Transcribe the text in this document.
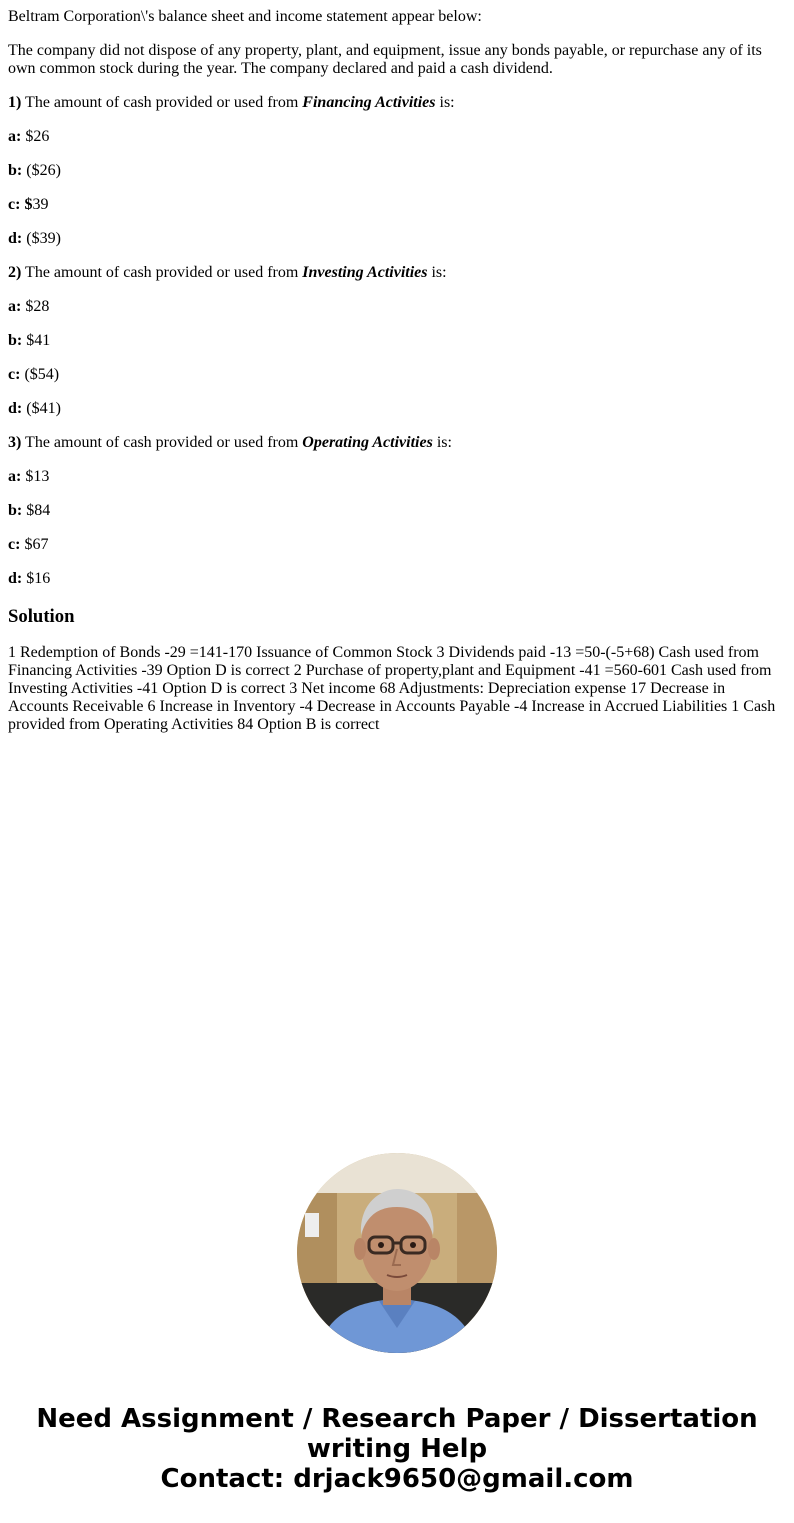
Beltram Corporation\'s balance sheet and income statement appear below:

The company did not dispose of any property, plant, and equipment, issue any bonds payable, or repurchase any of its own common stock during the year. The company declared and paid a cash dividend.

1) The amount of cash provided or used from Financing Activities is:

a: $26

b: ($26)

c: $39

d: ($39)

2) The amount of cash provided or used from Investing Activities is:

a: $28

b: $41

c: ($54)

d: ($41)

3) The amount of cash provided or used from Operating Activities is:

a: $13

b: $84

c: $67

d: $16

Solution

1 Redemption of Bonds -29 =141-170 Issuance of Common Stock 3 Dividends paid -13 =50-(-5+68) Cash used from Financing Activities -39 Option D is correct 2 Purchase of property,plant and Equipment -41 =560-601 Cash used from Investing Activities -41 Option D is correct 3 Net income 68 Adjustments: Depreciation expense 17 Decrease in Accounts Receivable 6 Increase in Inventory -4 Decrease in Accounts Payable -4 Increase in Accrued Liabilities 1 Cash provided from Operating Activities 84 Option B is correct

Need Assignment / Research Paper / Dissertation
writing Help
Contact: drjack9650@gmail.com
